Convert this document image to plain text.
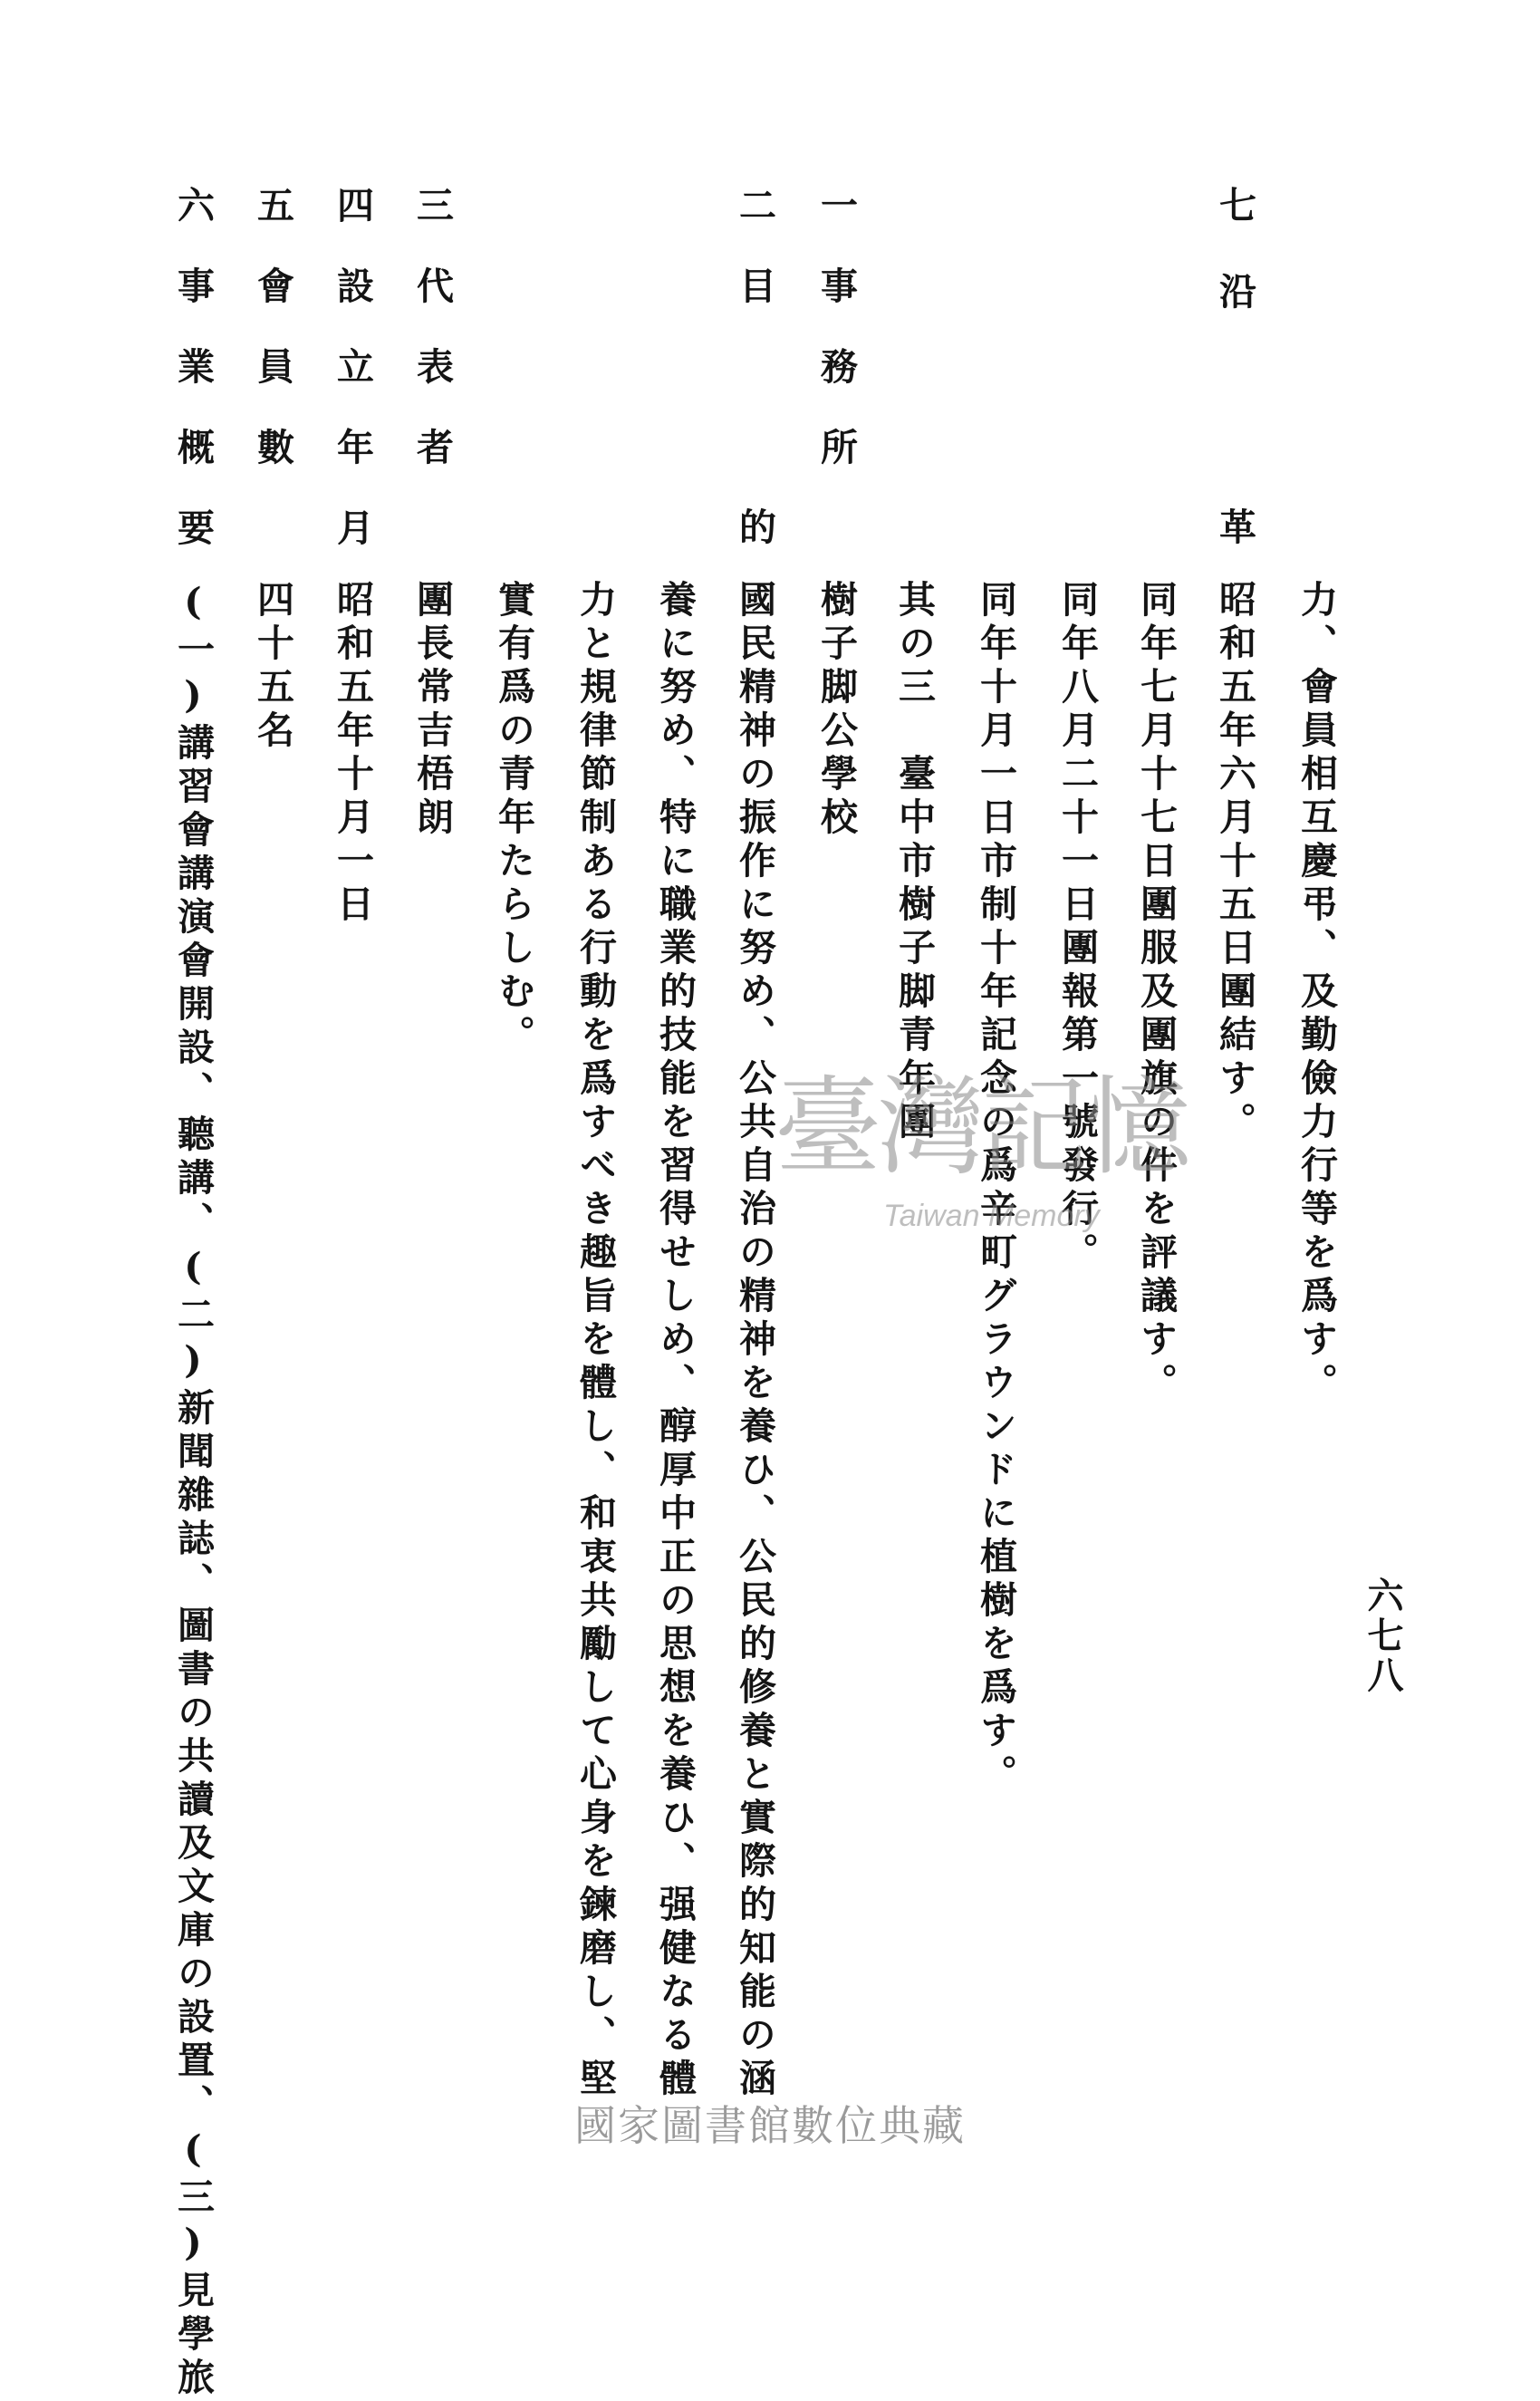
力、會員相互慶弔、及勤儉力行等を爲す。
七
沿
革
昭和五年六月十五日團結す。
同年七月十七日團服及團旗の件を評議す。
同年八月二十一日團報第一號發行。
同年十月一日市制十年記念の爲辛町グラウンドに植樹を爲す。
其の三　臺中市樹子脚青年團
一事務所
樹子脚公學校
二目
的
國民精神の振作に努め、公共自治の精神を養ひ、公民的修養と實際的知能の涵
養に努め、特に職業的技能を習得せしめ、醇厚中正の思想を養ひ、强健なる體
力と規律節制ある行動を爲すべき趣旨を體し、和衷共勵して心身を鍊磨し、堅
實有爲の青年たらしむ。
三代表者
團長常吉梧朗
四設立年月
昭和五年十月一日
五會員數
四十五名
六事業概要
(一)講習會講演會開設、聽講、(二)新聞雜誌、圖書の共讀及文庫の設置、(三)見學旅	六七八
臺灣記憶
Taiwan Memory
國家圖書館數位典藏
